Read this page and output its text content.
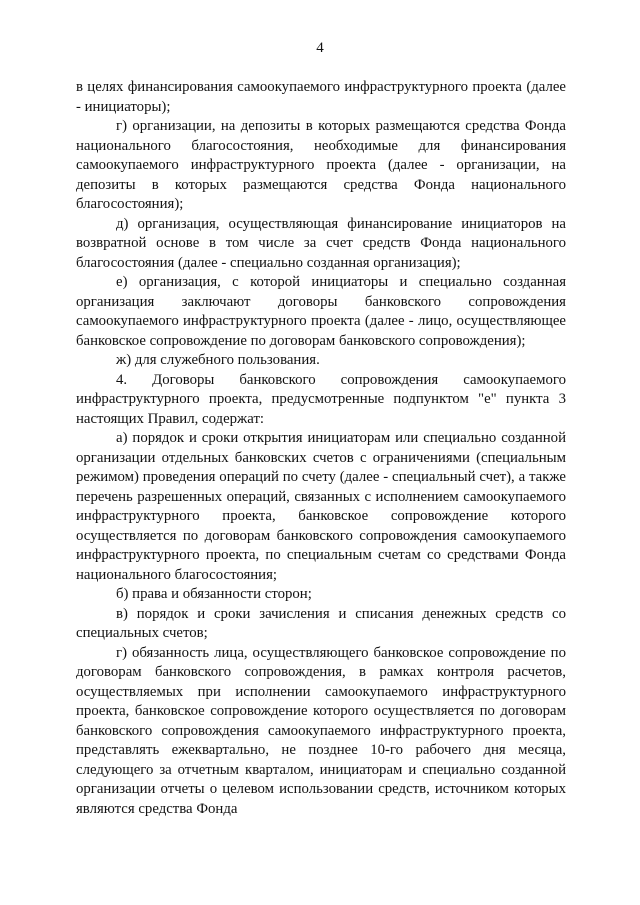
4

в целях финансирования самоокупаемого инфраструктурного проекта (далее - инициаторы);

г) организации, на депозиты в которых размещаются средства Фонда национального благосостояния, необходимые для финансирования самоокупаемого инфраструктурного проекта (далее - организации, на депозиты в которых размещаются средства Фонда национального благосостояния);

д) организация, осуществляющая финансирование инициаторов на возвратной основе в том числе за счет средств Фонда национального благосостояния (далее - специально созданная организация);

е) организация, с которой инициаторы и специально созданная организация заключают договоры банковского сопровождения самоокупаемого инфраструктурного проекта (далее - лицо, осуществляющее банковское сопровождение по договорам банковского сопровождения);

ж) для служебного пользования.

4. Договоры банковского сопровождения самоокупаемого инфраструктурного проекта, предусмотренные подпунктом "е" пункта 3 настоящих Правил, содержат:

а) порядок и сроки открытия инициаторам или специально созданной организации отдельных банковских счетов с ограничениями (специальным режимом) проведения операций по счету (далее - специальный счет), а также перечень разрешенных операций, связанных с исполнением самоокупаемого инфраструктурного проекта, банковское сопровождение которого осуществляется по договорам банковского сопровождения самоокупаемого инфраструктурного проекта, по специальным счетам со средствами Фонда национального благосостояния;

б) права и обязанности сторон;

в) порядок и сроки зачисления и списания денежных средств со специальных счетов;

г) обязанность лица, осуществляющего банковское сопровождение по договорам банковского сопровождения, в рамках контроля расчетов, осуществляемых при исполнении самоокупаемого инфраструктурного проекта, банковское сопровождение которого осуществляется по договорам банковского сопровождения самоокупаемого инфраструктурного проекта, представлять ежеквартально, не позднее 10-го рабочего дня месяца, следующего за отчетным кварталом, инициаторам и специально созданной организации отчеты о целевом использовании средств, источником которых являются средства Фонда
